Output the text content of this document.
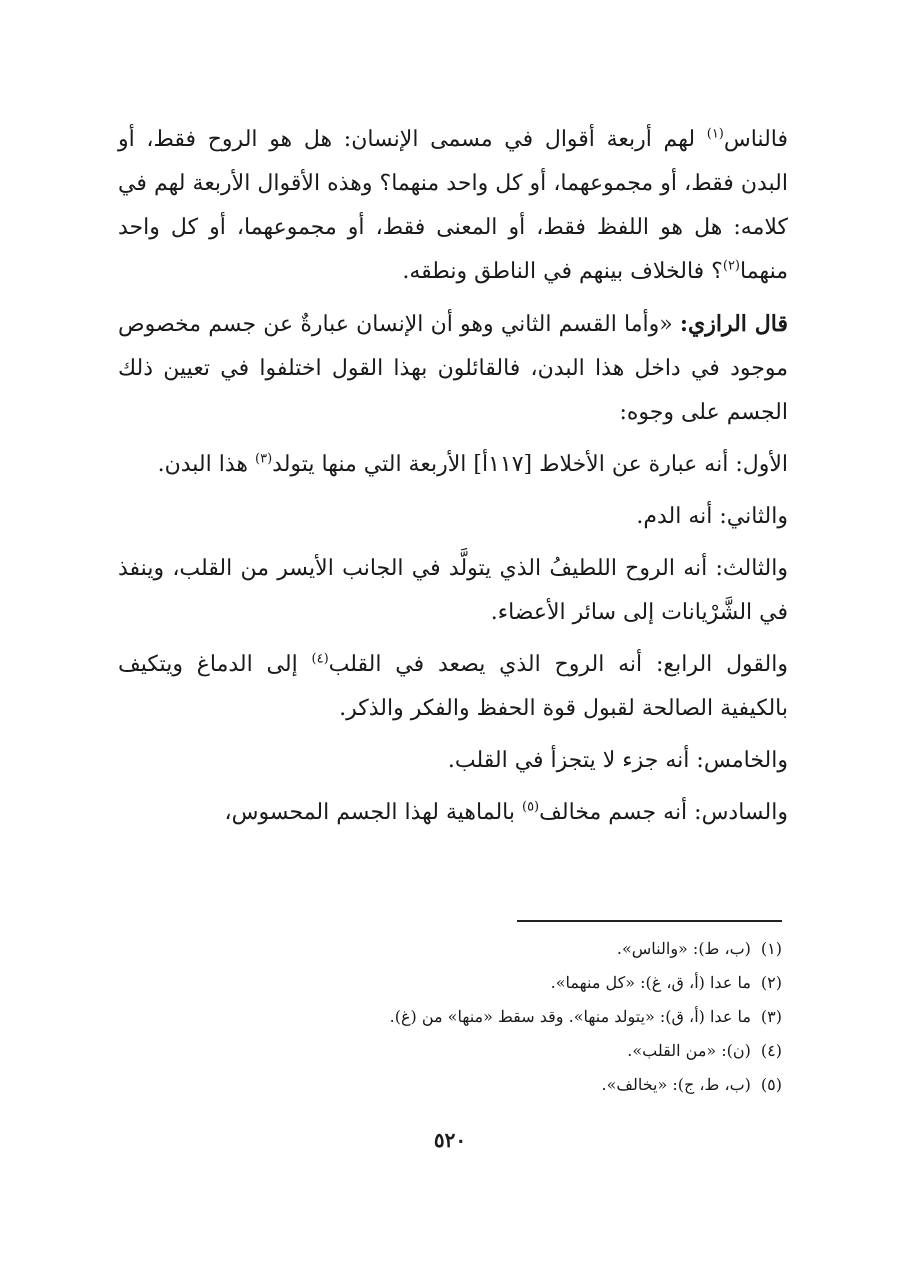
فالناس$^{(١)}$ لهم أربعة أقوال في مسمى الإنسان: هل هو الروح فقط، أو البدن فقط، أو مجموعهما، أو كل واحد منهما؟ وهذه الأقوال الأربعة لهم في كلامه: هل هو اللفظ فقط، أو المعنى فقط، أو مجموعهما، أو كل واحد منهما$^{(٢)}$؟ فالخلاف بينهم في الناطق ونطقه.

قال الرازي: «وأما القسم الثاني وهو أن الإنسان عبارةٌ عن جسم مخصوص موجود في داخل هذا البدن، فالقائلون بهذا القول اختلفوا في تعيين ذلك الجسم على وجوه:

الأول: أنه عبارة عن الأخلاط [١١٧أ] الأربعة التي منها يتولد$^{(٣)}$ هذا البدن.

والثاني: أنه الدم.

والثالث: أنه الروح اللطيفُ الذي يتولَّد في الجانب الأيسر من القلب، وينفذ في الشَّرْيانات إلى سائر الأعضاء.

والقول الرابع: أنه الروح الذي يصعد في القلب$^{(٤)}$ إلى الدماغ ويتكيف بالكيفية الصالحة لقبول قوة الحفظ والفكر والذكر.

والخامس: أنه جزء لا يتجزأ في القلب.

والسادس: أنه جسم مخالف$^{(٥)}$ بالماهية لهذا الجسم المحسوس،

(١)(ب، ط): «والناس».

(٢)ما عدا (أ، ق، غ): «كل منهما».

(٣)ما عدا (أ، ق): «يتولد منها». وقد سقط «منها» من (غ).

(٤)(ن): «من القلب».

(٥)(ب، ط، ج): «يخالف».

٥٢٠
